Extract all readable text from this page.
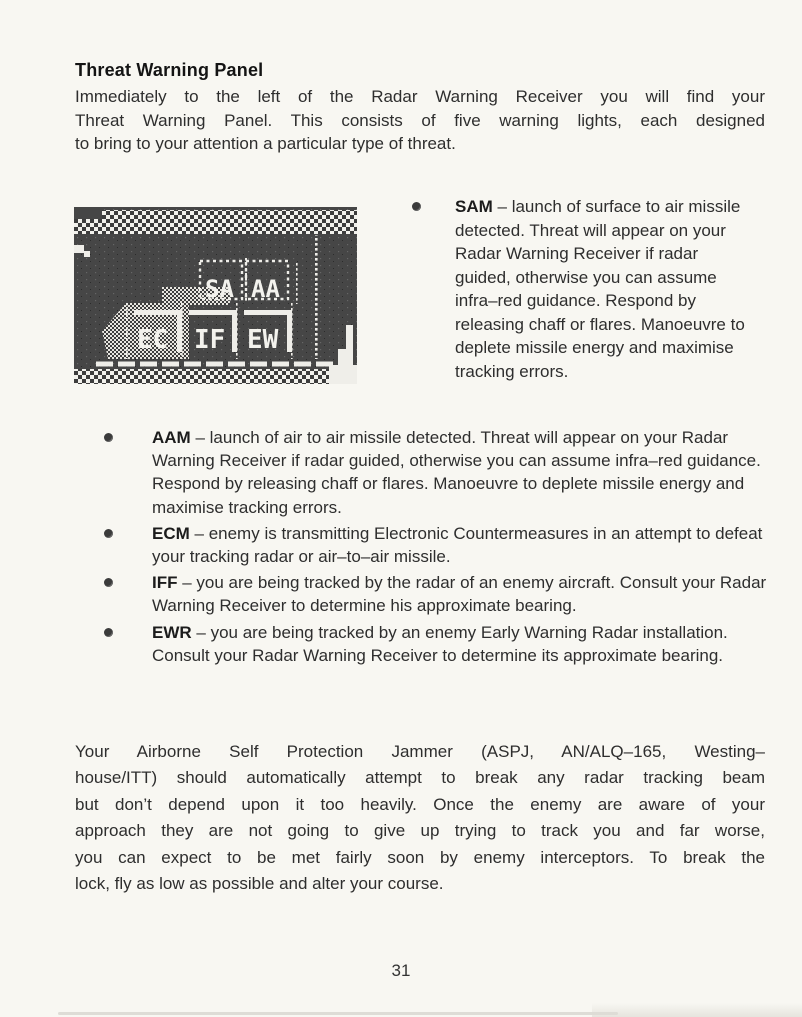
Threat Warning Panel
Immediately to the left of the Radar Warning Receiver you will find your
Threat Warning Panel. This consists of five warning lights, each designed
to bring to your attention a particular type of threat.
SA AA
EC IF EW

SAM – launch of surface to air missile detected. Threat will appear on your Radar Warning Receiver if radar guided, otherwise you can assume infra–red guidance. Respond by releasing chaff or flares. Manoeuvre to deplete missile energy and maximise tracking errors.

AAM – launch of air to air missile detected. Threat will appear on your Radar Warning Receiver if radar guided, otherwise you can assume infra–red guidance. Respond by releasing chaff or flares. Manoeuvre to deplete missile energy and maximise tracking errors.

ECM – enemy is transmitting Electronic Countermeasures in an attempt to defeat your tracking radar or air–to–air missile.

IFF – you are being tracked by the radar of an enemy aircraft. Consult your Radar Warning Receiver to determine his approximate bearing.

EWR – you are being tracked by an enemy Early Warning Radar installation. Consult your Radar Warning Receiver to determine its approximate bearing.

Your Airborne Self Protection Jammer (ASPJ, AN/ALQ–165, Westing–
house/ITT) should automatically attempt to break any radar tracking beam
but don’t depend upon it too heavily. Once the enemy are aware of your
approach they are not going to give up trying to track you and far worse,
you can expect to be met fairly soon by enemy interceptors. To break the
lock, fly as low as possible and alter your course.
31
